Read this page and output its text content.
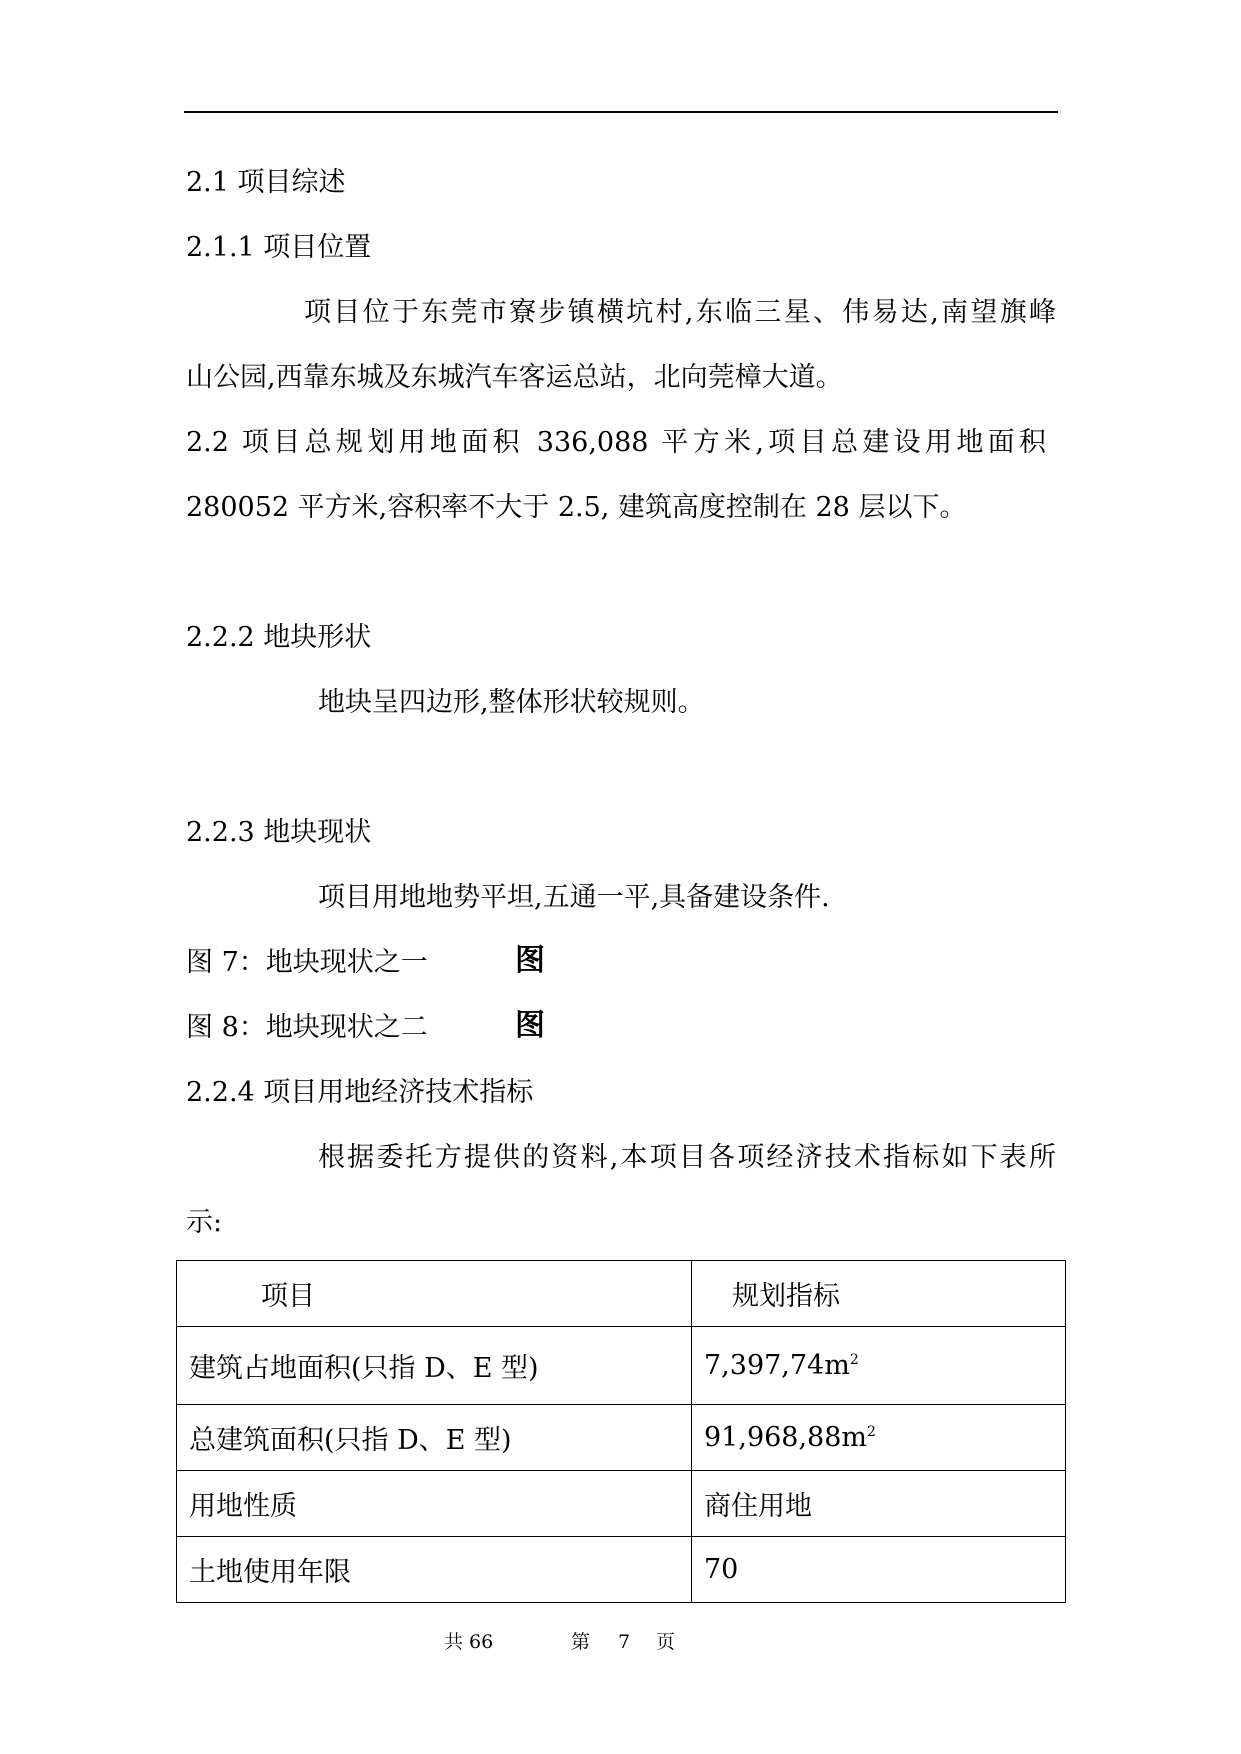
2.1 项目综述
2.1.1 项目位置
项目位于东莞市寮步镇横坑村,东临三星、伟易达,南望旗峰
山公园,西靠东城及东城汽车客运总站，北向莞樟大道。
2.2 项目总规划用地面积 336,088 平方米,项目总建设用地面积
280052 平方米,容积率不大于 2.5, 建筑高度控制在 28 层以下。
2.2.2 地块形状
地块呈四边形,整体形状较规则。
2.2.3 地块现状
项目用地地势平坦,五通一平,具备建设条件.
图 7：地块现状之一	图
图 8：地块现状之二	图
2.2.4 项目用地经济技术指标
根据委托方提供的资料,本项目各项经济技术指标如下表所
示:
项目	规划指标
建筑占地面积(只指 D、E 型)	$7,397,74m^2$
总建筑面积(只指 D、E 型)	$91,968,88m^2$
用地性质	商住用地
土地使用年限	70
共 66	第 7 页
